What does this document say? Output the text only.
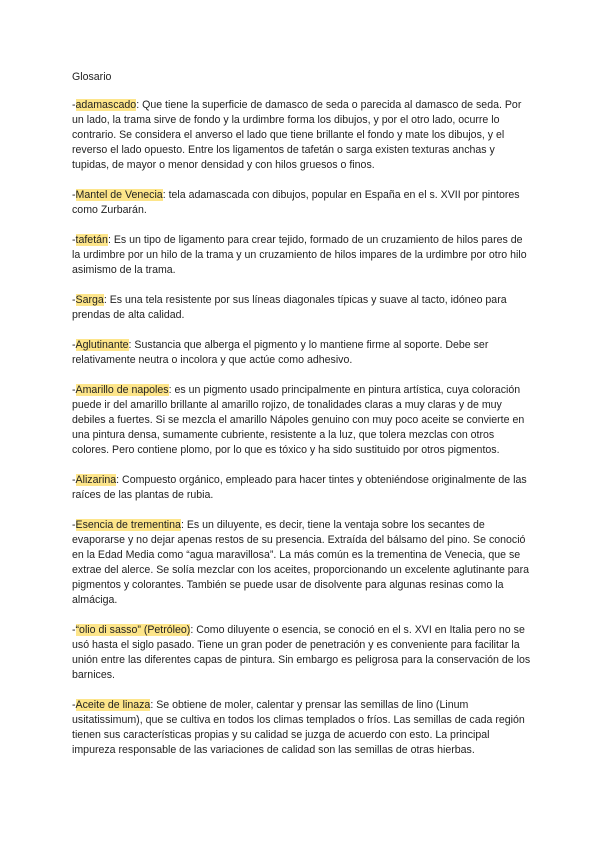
Glosario

-adamascado: Que tiene la superficie de damasco de seda o parecida al damasco de seda. Por un lado, la trama sirve de fondo y la urdimbre forma los dibujos, y por el otro lado, ocurre lo contrario. Se considera el anverso el lado que tiene brillante el fondo y mate los dibujos, y el reverso el lado opuesto. Entre los ligamentos de tafetán o sarga existen texturas anchas y tupidas, de mayor o menor densidad y con hilos gruesos o finos.

-Mantel de Venecia: tela adamascada con dibujos, popular en España en el s. XVII por pintores como Zurbarán.

-tafetán: Es un tipo de ligamento para crear tejido, formado de un cruzamiento de hilos pares de la urdimbre por un hilo de la trama y un cruzamiento de hilos impares de la urdimbre por otro hilo asimismo de la trama.

-Sarga: Es una tela resistente por sus líneas diagonales típicas y suave al tacto, idóneo para prendas de alta calidad.

-Aglutinante: Sustancia que alberga el pigmento y lo mantiene firme al soporte. Debe ser relativamente neutra o incolora y que actúe como adhesivo.

-Amarillo de napoles: es un pigmento usado principalmente en pintura artística, cuya coloración puede ir del amarillo brillante al amarillo rojizo, de tonalidades claras a muy claras y de muy debiles a fuertes. Si se mezcla el amarillo Nápoles genuino con muy poco aceite se convierte en una pintura densa, sumamente cubriente, resistente a la luz, que tolera mezclas con otros colores. Pero contiene plomo, por lo que es tóxico y ha sido sustituido por otros pigmentos.

-Alizarina: Compuesto orgánico, empleado para hacer tintes y obteniéndose originalmente de las raíces de las plantas de rubia.

-Esencia de trementina: Es un diluyente, es decir, tiene la ventaja sobre los secantes de evaporarse y no dejar apenas restos de su presencia. Extraída del bálsamo del pino. Se conoció en la Edad Media como “agua maravillosa”. La más común es la trementina de Venecia, que se extrae del alerce. Se solía mezclar con los aceites, proporcionando un excelente aglutinante para pigmentos y colorantes. También se puede usar de disolvente para algunas resinas como la almáciga.

-“olio di sasso” (Petróleo): Como diluyente o esencia, se conoció en el s. XVI en Italia pero no se usó hasta el siglo pasado. Tiene un gran poder de penetración y es conveniente para facilitar la unión entre las diferentes capas de pintura. Sin embargo es peligrosa para la conservación de los barnices.

-Aceite de linaza: Se obtiene de moler, calentar y prensar las semillas de lino (Linum usitatissimum), que se cultiva en todos los climas templados o fríos. Las semillas de cada región tienen sus características propias y su calidad se juzga de acuerdo con esto. La principal impureza responsable de las variaciones de calidad son las semillas de otras hierbas.
